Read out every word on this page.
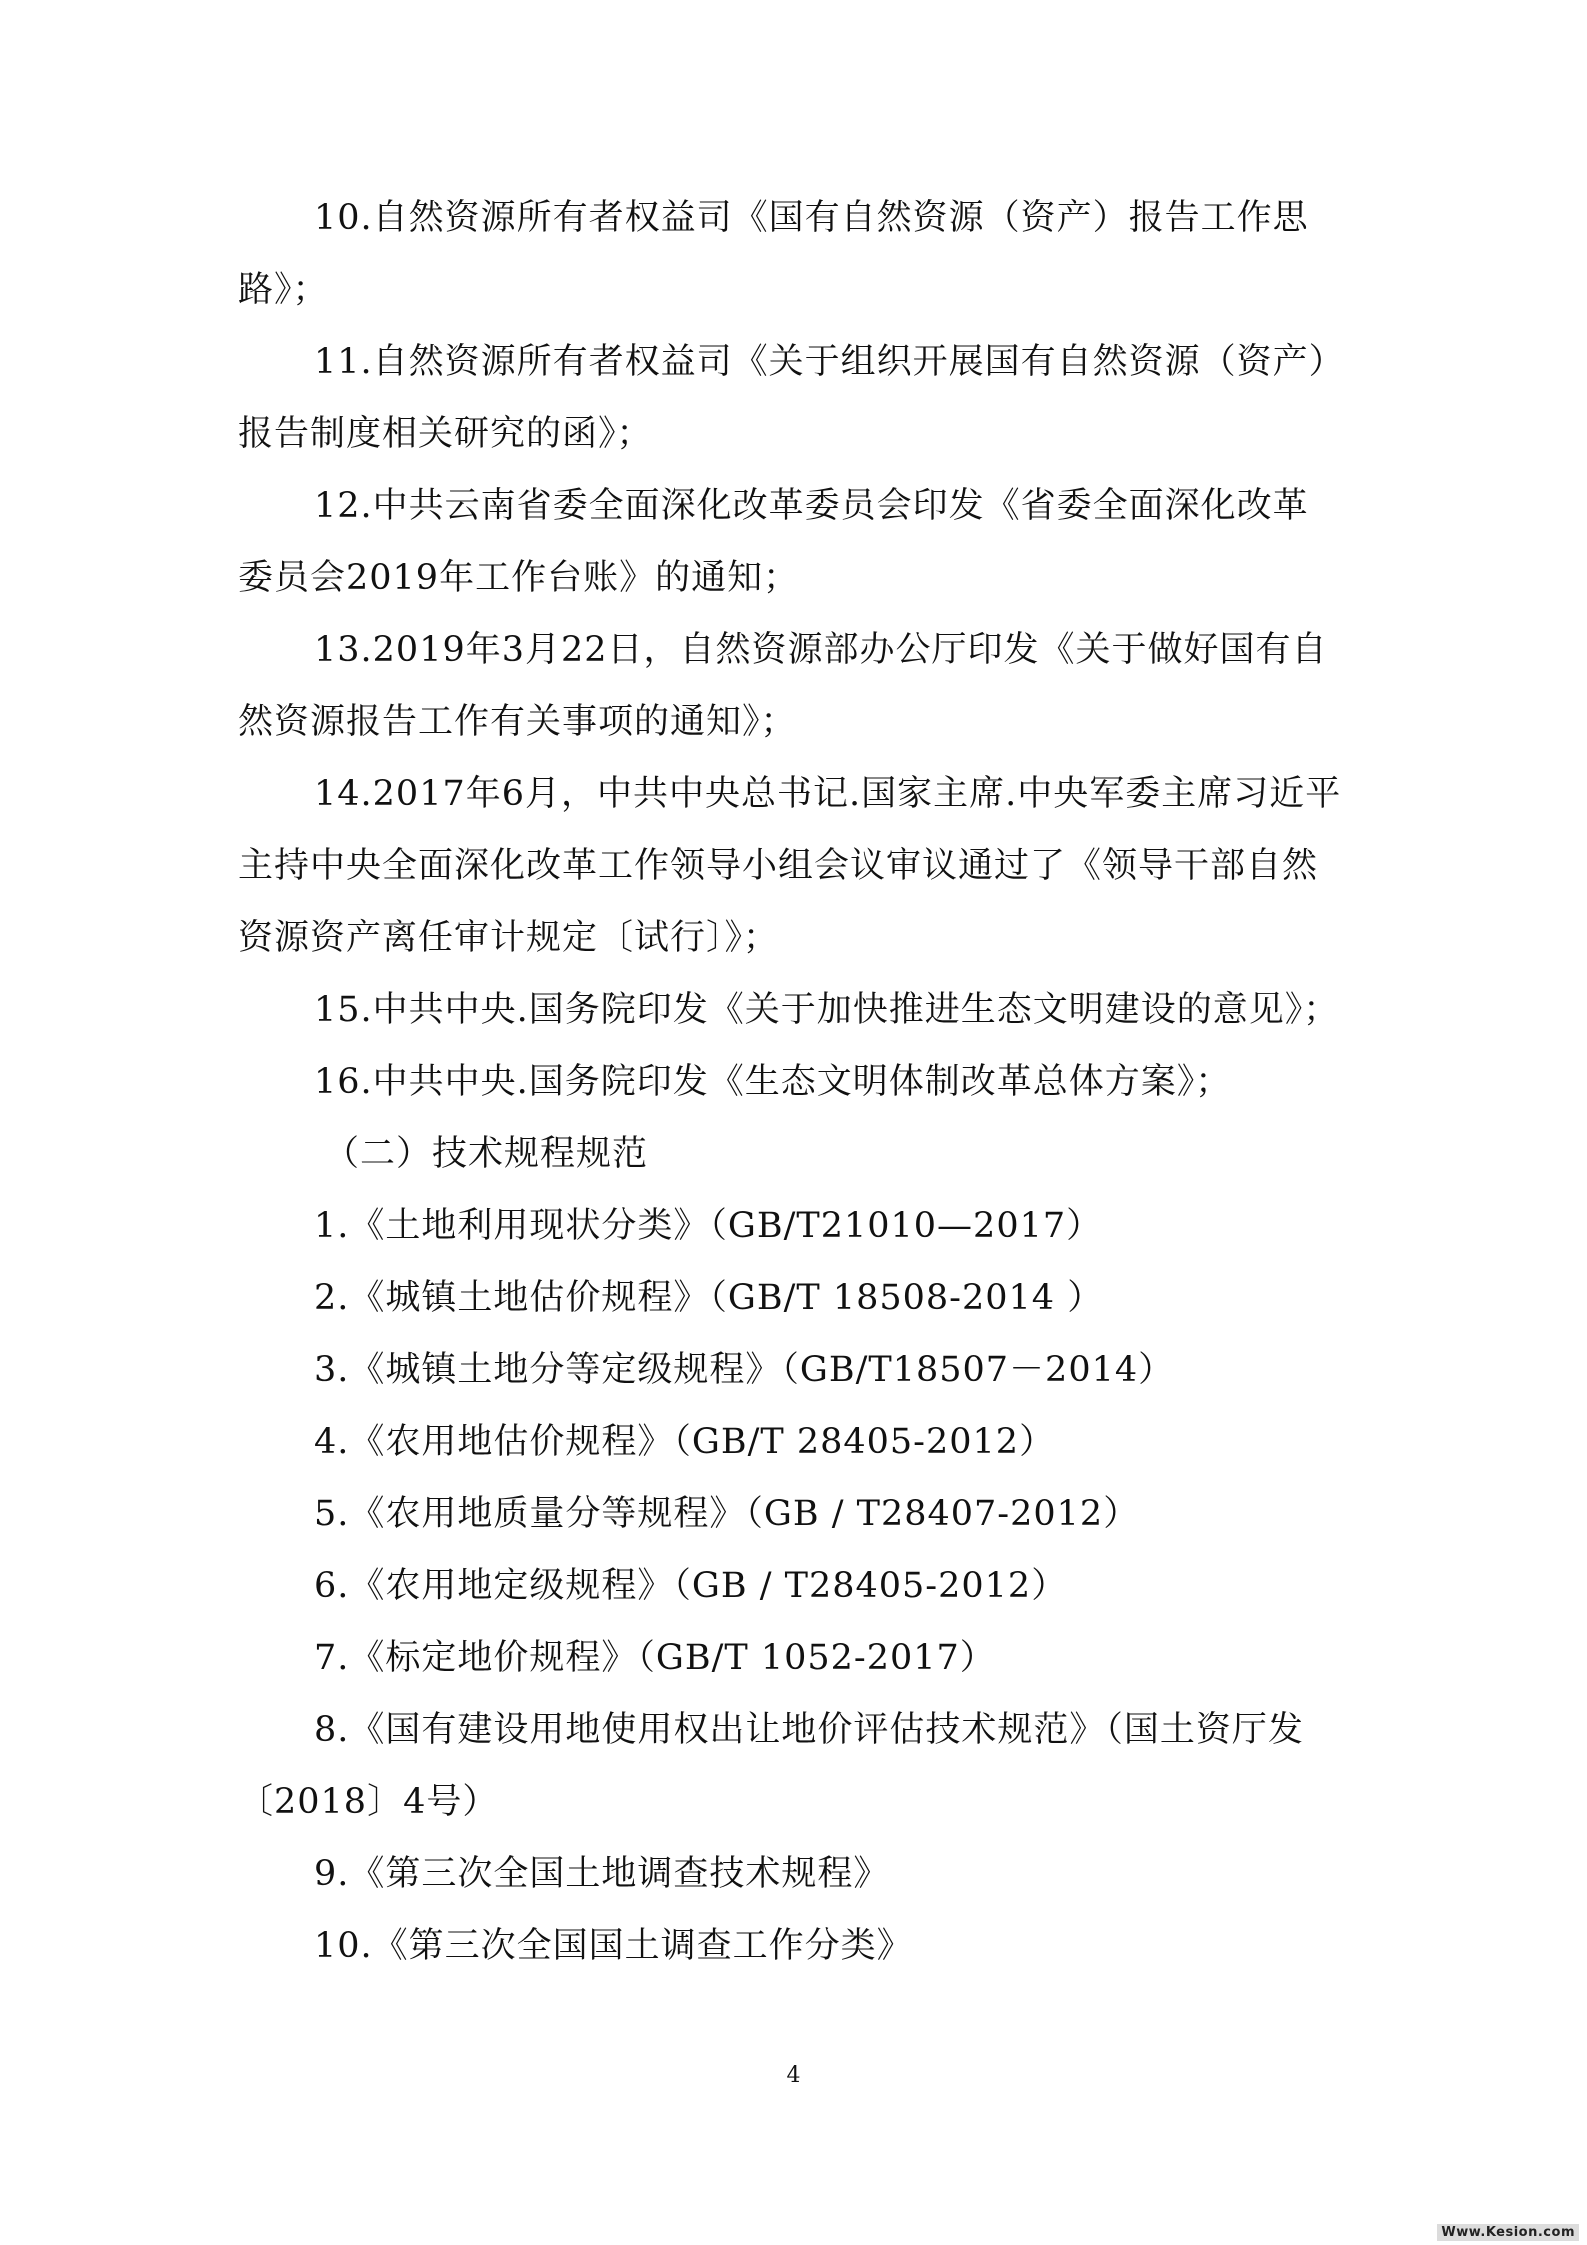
10.自然资源所有者权益司《国有自然资源（资产）报告工作思路》；

11.自然资源所有者权益司《关于组织开展国有自然资源（资产）报告制度相关研究的函》；

12.中共云南省委全面深化改革委员会印发《省委全面深化改革委员会2019年工作台账》的通知；

13.2019年3月22日，自然资源部办公厅印发《关于做好国有自然资源报告工作有关事项的通知》；

14.2017年6月，中共中央总书记.国家主席.中央军委主席习近平主持中央全面深化改革工作领导小组会议审议通过了《领导干部自然资源资产离任审计规定〔试行〕》；

15.中共中央.国务院印发《关于加快推进生态文明建设的意见》；

16.中共中央.国务院印发《生态文明体制改革总体方案》；

（二）技术规程规范

1.《土地利用现状分类》（GB/T21010—2017）

2.《城镇土地估价规程》（GB/T 18508-2014 ）

3.《城镇土地分等定级规程》（GB/T18507－2014）

4.《农用地估价规程》（GB/T 28405-2012）

5.《农用地质量分等规程》（GB / T28407-2012）

6.《农用地定级规程》（GB / T28405-2012）

7.《标定地价规程》（GB/T 1052-2017）

8.《国有建设用地使用权出让地价评估技术规范》（国土资厅发〔2018〕4号）

9.《第三次全国土地调查技术规程》

10.《第三次全国国土调查工作分类》

4
Www.Kesion.com
